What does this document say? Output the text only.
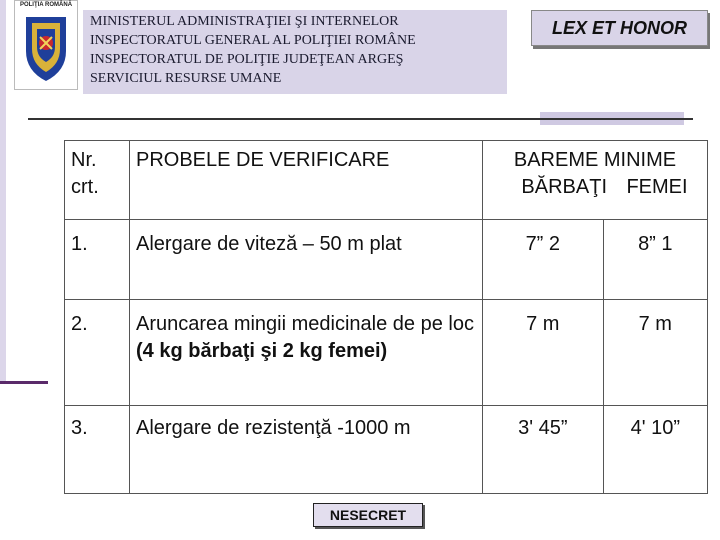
POLIŢIA ROMÂNĂ
MINISTERUL ADMINISTRAŢIEI ŞI INTERNELOR
INSPECTORATUL GENERAL AL POLIŢIEI ROMÂNE
INSPECTORATUL DE POLIŢIE JUDEŢEAN ARGEŞ
SERVICIUL RESURSE UMANE
LEX ET HONOR
Nr. crt.	PROBELE DE VERIFICARE	BAREME MINIME
BĂRBAŢI FEMEI	

1.	Alergare de viteză – 50 m plat	7” 2	8” 1
2.	Aruncarea mingii medicinale de pe loc (4 kg bărbaţi şi 2 kg femei)	7 m	7 m
3.	Alergare de rezistenţă -1000 m	3' 45”	4' 10”
NESECRET
